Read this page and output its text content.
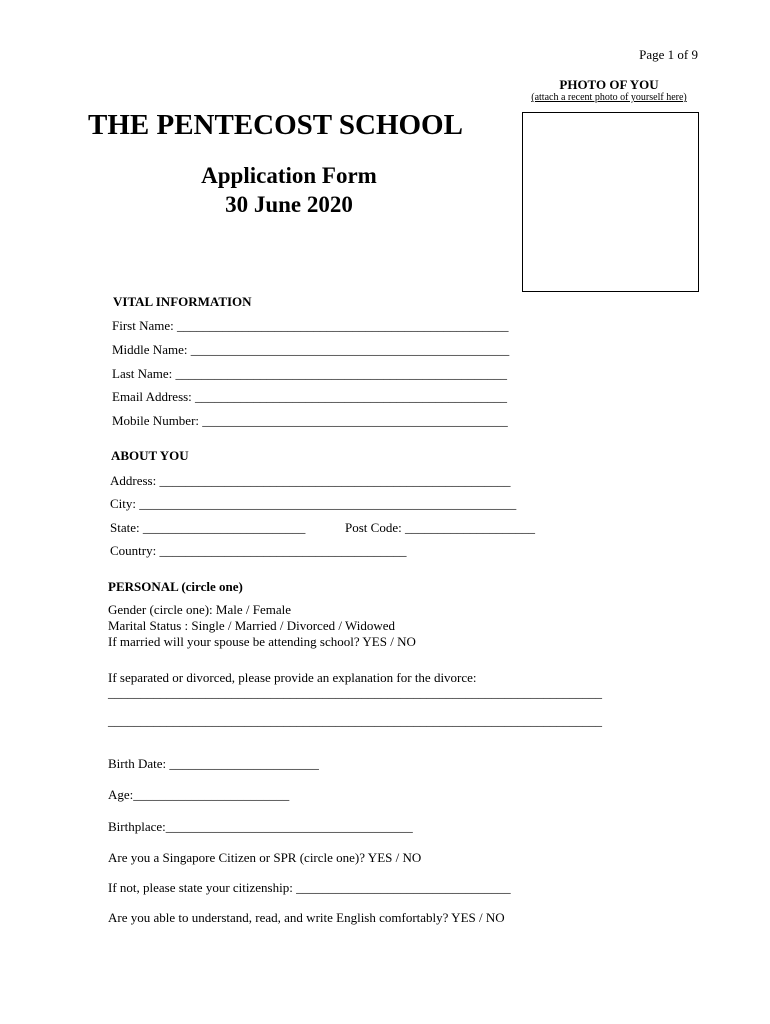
Page 1 of 9
PHOTO OF YOU
(attach a recent photo of yourself here)
THE PENTECOST SCHOOL
Application Form
30 June 2020
VITAL INFORMATION
First Name: ___________________________________________________
Middle Name: _________________________________________________
Last Name: ___________________________________________________
Email Address: ________________________________________________
Mobile Number: _______________________________________________
ABOUT YOU
Address: ______________________________________________________
City: __________________________________________________________
State: _________________________	Post Code: ____________________
Country: ______________________________________
PERSONAL (circle one)
Gender (circle one): Male / Female
Marital Status : Single / Married / Divorced / Widowed
If married will your spouse be attending school? YES / NO
If separated or divorced, please provide an explanation for the divorce:
____________________________________________________________________________
____________________________________________________________________________
Birth Date: _______________________
Age:________________________
Birthplace:______________________________________
Are you a Singapore Citizen or SPR (circle one)? YES / NO
If not, please state your citizenship: _________________________________
Are you able to understand, read, and write English comfortably? YES / NO
